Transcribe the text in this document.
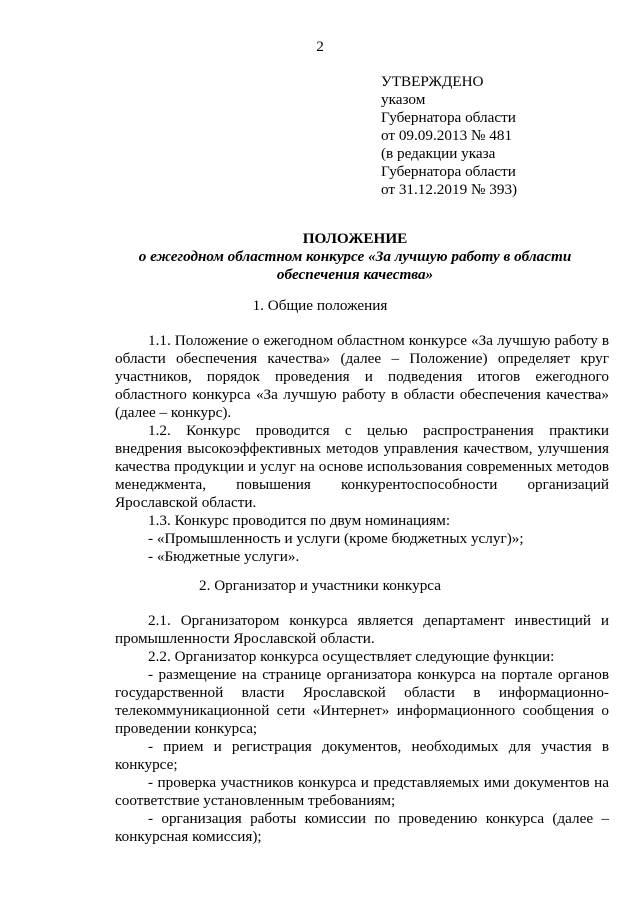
2
УТВЕРЖДЕНО
указом
Губернатора области
от 09.09.2013 № 481
(в редакции указа
Губернатора области
от 31.12.2019 № 393)
ПОЛОЖЕНИЕ
о ежегодном областном конкурсе «За лучшую работу в области
обеспечения качества»
1. Общие положения

1.1. Положение о ежегодном областном конкурсе «За лучшую работу в области обеспечения качества» (далее – Положение) определяет круг участников, порядок проведения и подведения итогов ежегодного областного конкурса «За лучшую работу в области обеспечения качества» (далее – конкурс).

1.2. Конкурс проводится с целью распространения практики внедрения высокоэффективных методов управления качеством, улучшения качества продукции и услуг на основе использования современных методов менеджмента, повышения конкурентоспособности организаций Ярославской области.

1.3. Конкурс проводится по двум номинациям:

- «Промышленность и услуги (кроме бюджетных услуг)»;

- «Бюджетные услуги».

2. Организатор и участники конкурса

2.1. Организатором конкурса является департамент инвестиций и промышленности Ярославской области.

2.2. Организатор конкурса осуществляет следующие функции:

- размещение на странице организатора конкурса на портале органов государственной власти Ярославской области в информационно-телекоммуникационной сети «Интернет» информационного сообщения о проведении конкурса;

- прием и регистрация документов, необходимых для участия в конкурсе;

- проверка участников конкурса и представляемых ими документов на соответствие установленным требованиям;

- организация работы комиссии по проведению конкурса (далее – конкурсная комиссия);
